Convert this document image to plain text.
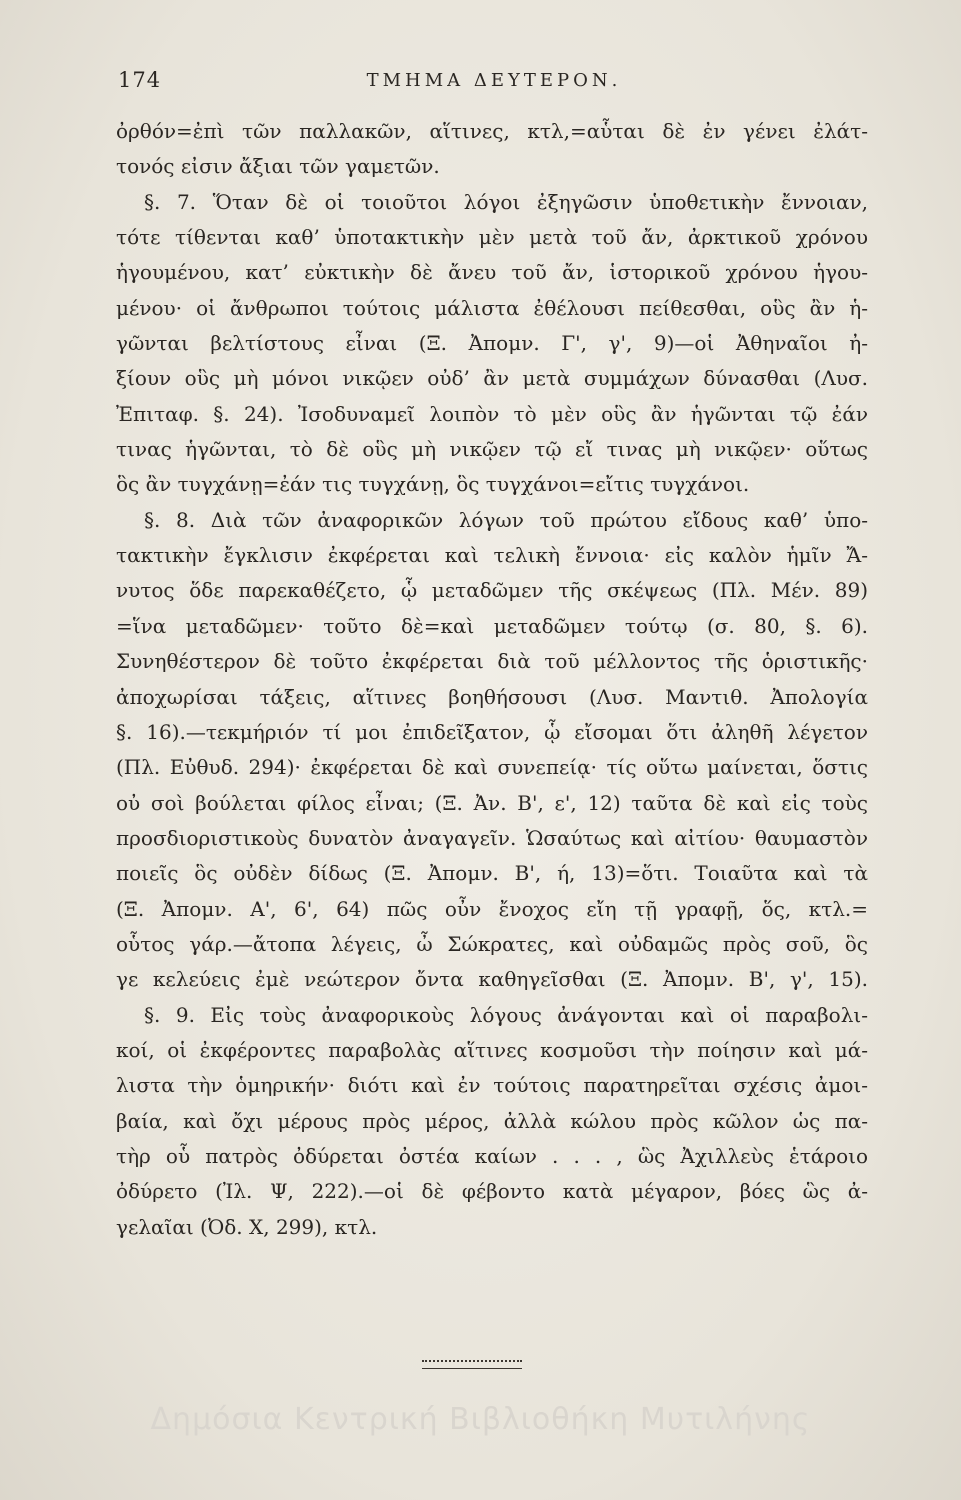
174	ΤΜΗΜΑ ΔΕΥΤΕΡΟΝ.
ὀρθόν=ἐπὶ τῶν παλλακῶν, αἵτινες, κτλ,=αὗται δὲ ἐν γένει ἐλάτ-
τονός εἰσιν ἄξιαι τῶν γαμετῶν.
§. 7. Ὅταν δὲ οἱ τοιοῦτοι λόγοι ἐξηγῶσιν ὑποθετικὴν ἔννοιαν,
τότε τίθενται καθ’ ὑποτακτικὴν μὲν μετὰ τοῦ ἄν, ἀρκτικοῦ χρόνου
ἡγουμένου, κατ’ εὐκτικὴν δὲ ἄνευ τοῦ ἄν, ἱστορικοῦ χρόνου ἡγου-
μένου· οἱ ἄνθρωποι τούτοις μάλιστα ἐθέλουσι πείθεσθαι, οὓς ἂν ἡ-
γῶνται βελτίστους εἶναι (Ξ. Ἀπομν. Γ', γ', 9)—οἱ Ἀθηναῖοι ἠ-
ξίουν οὓς μὴ μόνοι νικῷεν οὐδ’ ἂν μετὰ συμμάχων δύνασθαι (Λυσ.
Ἐπιταφ. §. 24). Ἰσοδυναμεῖ λοιπὸν τὸ μὲν οὓς ἂν ἡγῶνται τῷ ἐάν
τινας ἡγῶνται, τὸ δὲ οὓς μὴ νικῷεν τῷ εἴ τινας μὴ νικῷεν· οὕτως
ὃς ἂν τυγχάνῃ=ἐάν τις τυγχάνῃ, ὃς τυγχάνοι=εἴτις τυγχάνοι.
§. 8. Διὰ τῶν ἀναφορικῶν λόγων τοῦ πρώτου εἴδους καθ’ ὑπο-
τακτικὴν ἔγκλισιν ἐκφέρεται καὶ τελικὴ ἔννοια· εἰς καλὸν ἡμῖν Ἄ-
νυτος ὅδε παρεκαθέζετο, ᾧ μεταδῶμεν τῆς σκέψεως (Πλ. Μέν. 89)
=ἵνα μεταδῶμεν· τοῦτο δὲ=καὶ μεταδῶμεν τούτῳ (σ. 80, §. 6).
Συνηθέστερον δὲ τοῦτο ἐκφέρεται διὰ τοῦ μέλλοντος τῆς ὁριστικῆς·
ἀποχωρίσαι τάξεις, αἵτινες βοηθήσουσι (Λυσ. Μαντιθ. Ἀπολογία
§. 16).—τεκμήριόν τί μοι ἐπιδεῖξατον, ᾧ εἴσομαι ὅτι ἀληθῆ λέγετον
(Πλ. Εὐθυδ. 294)· ἐκφέρεται δὲ καὶ συνεπείᾳ· τίς οὕτω μαίνεται, ὅστις
οὐ σοὶ βούλεται φίλος εἶναι; (Ξ. Ἀν. Β', ε', 12) ταῦτα δὲ καὶ εἰς τοὺς
προσδιοριστικοὺς δυνατὸν ἀναγαγεῖν. Ὡσαύτως καὶ αἰτίου· θαυμαστὸν
ποιεῖς ὃς οὐδὲν δίδως (Ξ. Ἀπομν. Β', ή, 13)=ὅτι. Τοιαῦτα καὶ τὰ
(Ξ. Ἀπομν. Α', 6', 64) πῶς οὖν ἔνοχος εἴη τῇ γραφῇ, ὅς, κτλ.=
οὗτος γάρ.—ἄτοπα λέγεις, ὦ Σώκρατες, καὶ οὐδαμῶς πρὸς σοῦ, ὃς
γε κελεύεις ἐμὲ νεώτερον ὄντα καθηγεῖσθαι (Ξ. Ἀπομν. Β', γ', 15).
§. 9. Εἰς τοὺς ἀναφορικοὺς λόγους ἀνάγονται καὶ οἱ παραβολι-
κοί, οἱ ἐκφέροντες παραβολὰς αἵτινες κοσμοῦσι τὴν ποίησιν καὶ μά-
λιστα τὴν ὁμηρικήν· διότι καὶ ἐν τούτοις παρατηρεῖται σχέσις ἀμοι-
βαία, καὶ ὄχι μέρους πρὸς μέρος, ἀλλὰ κώλου πρὸς κῶλον ὡς πα-
τὴρ οὗ πατρὸς ὀδύρεται ὀστέα καίων . . . , ὣς Ἀχιλλεὺς ἑτάροιο
ὀδύρετο (Ἰλ. Ψ, 222).—οἱ δὲ φέβοντο κατὰ μέγαρον, βόες ὣς ἀ-
γελαῖαι (Ὀδ. Χ, 299), κτλ.
Δημόσια Κεντρική Βιβλιοθήκη Μυτιλήνης
